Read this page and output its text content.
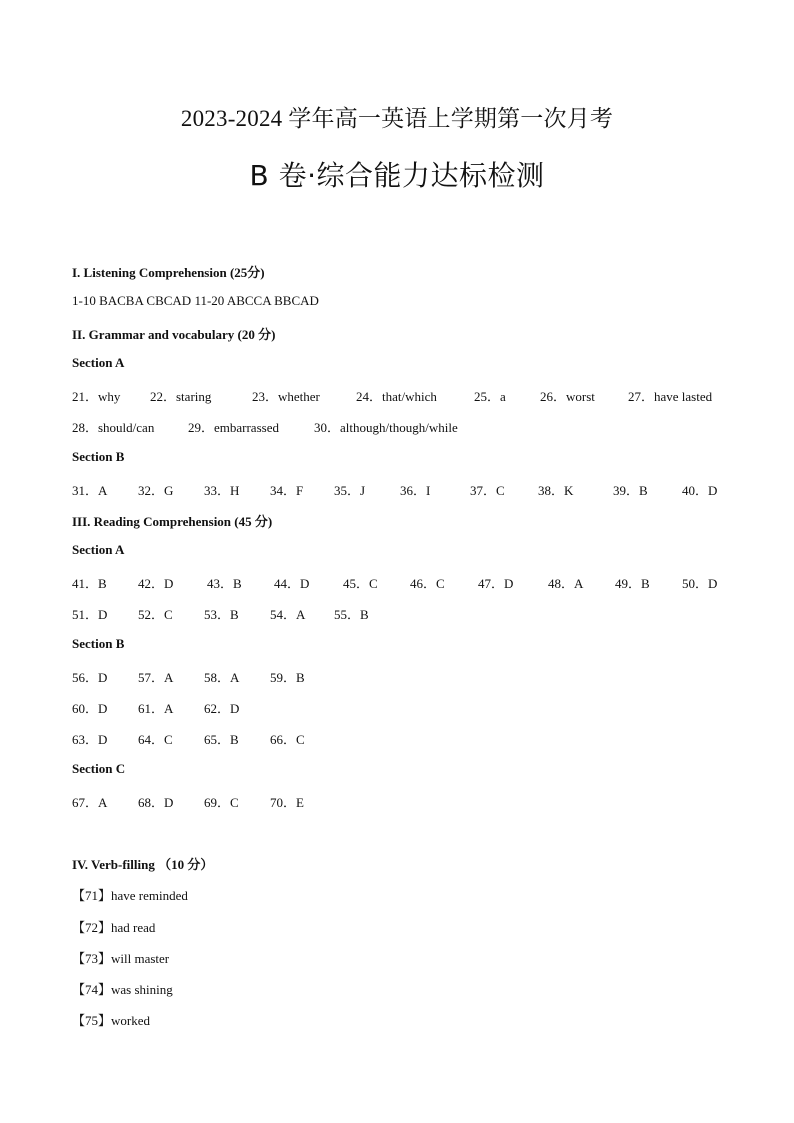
2023-2024 学年高一英语上学期第一次月考
B 卷·综合能力达标检测
I. Listening Comprehension (25分)
1-10 BACBA CBCAD 11-20 ABCCA BBCAD
II. Grammar and vocabulary (20 分)
Section A
21．why 22．staring	23．whether	24．that/which	25．a	26．worst	27．have lasted
28．should/can	29．embarrassed	30．although/though/while
Section B
31．A 32．G 33．H 34．F 35．J	36．I	37．C	38．K	39．B	40．D
III. Reading Comprehension (45 分)
Section A
41．B 42．D	43．B 44．D	45．C 46．C	47．D	48．A 49．B 50．D
51．D 52．C 53．B 54．A 55．B
Section B
56．D 57．A 58．A 59．B
60．D 61．A 62．D
63．D 64．C 65．B 66．C
Section C
67．A 68．D 69．C 70．E
IV. Verb-filling （10 分）
【71】have reminded
【72】had read
【73】will master
【74】was shining
【75】worked
